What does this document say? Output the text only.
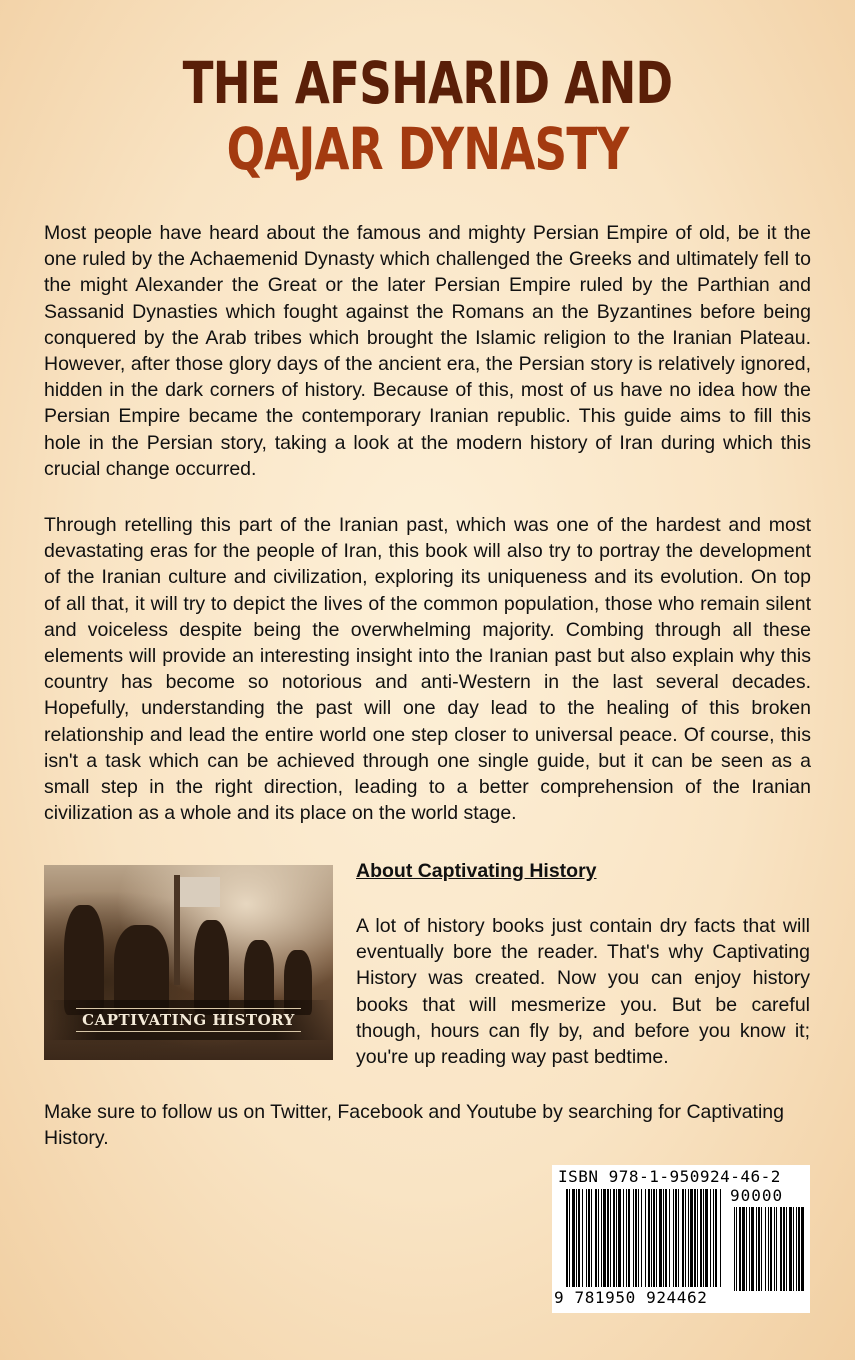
THE AFSHARID AND
QAJAR DYNASTY

Most people have heard about the famous and mighty Persian Empire of old, be it the one ruled by the Achaemenid Dynasty which challenged the Greeks and ultimately fell to the might Alexander the Great or the later Persian Empire ruled by the Parthian and Sassanid Dynasties which fought against the Romans an the Byzantines before being conquered by the Arab tribes which brought the Islamic religion to the Iranian Plateau. However, after those glory days of the ancient era, the Persian story is relatively ignored, hidden in the dark corners of history. Because of this, most of us have no idea how the Persian Empire became the contemporary Iranian republic. This guide aims to fill this hole in the Persian story, taking a look at the modern history of Iran during which this crucial change occurred.

Through retelling this part of the Iranian past, which was one of the hardest and most devastating eras for the people of Iran, this book will also try to portray the development of the Iranian culture and civilization, exploring its uniqueness and its evolution. On top of all that, it will try to depict the lives of the common population, those who remain silent and voiceless despite being the overwhelming majority. Combing through all these elements will provide an interesting insight into the Iranian past but also explain why this country has become so notorious and anti-Western in the last several decades. Hopefully, understanding the past will one day lead to the healing of this broken relationship and lead the entire world one step closer to universal peace. Of course, this isn't a task which can be achieved through one single guide, but it can be seen as a small step in the right direction, leading to a better comprehension of the Iranian civilization as a whole and its place on the world stage.

CAPTIVATING HISTORY
About Captivating History

A lot of history books just contain dry facts that will eventually bore the reader. That's why Captivating History was created. Now you can enjoy history books that will mesmerize you. But be careful though, hours can fly by, and before you know it; you're up reading way past bedtime.

Make sure to follow us on Twitter, Facebook and Youtube by searching for Captivating History.

ISBN 978-1-950924-46-2
90000
9 781950 924462
